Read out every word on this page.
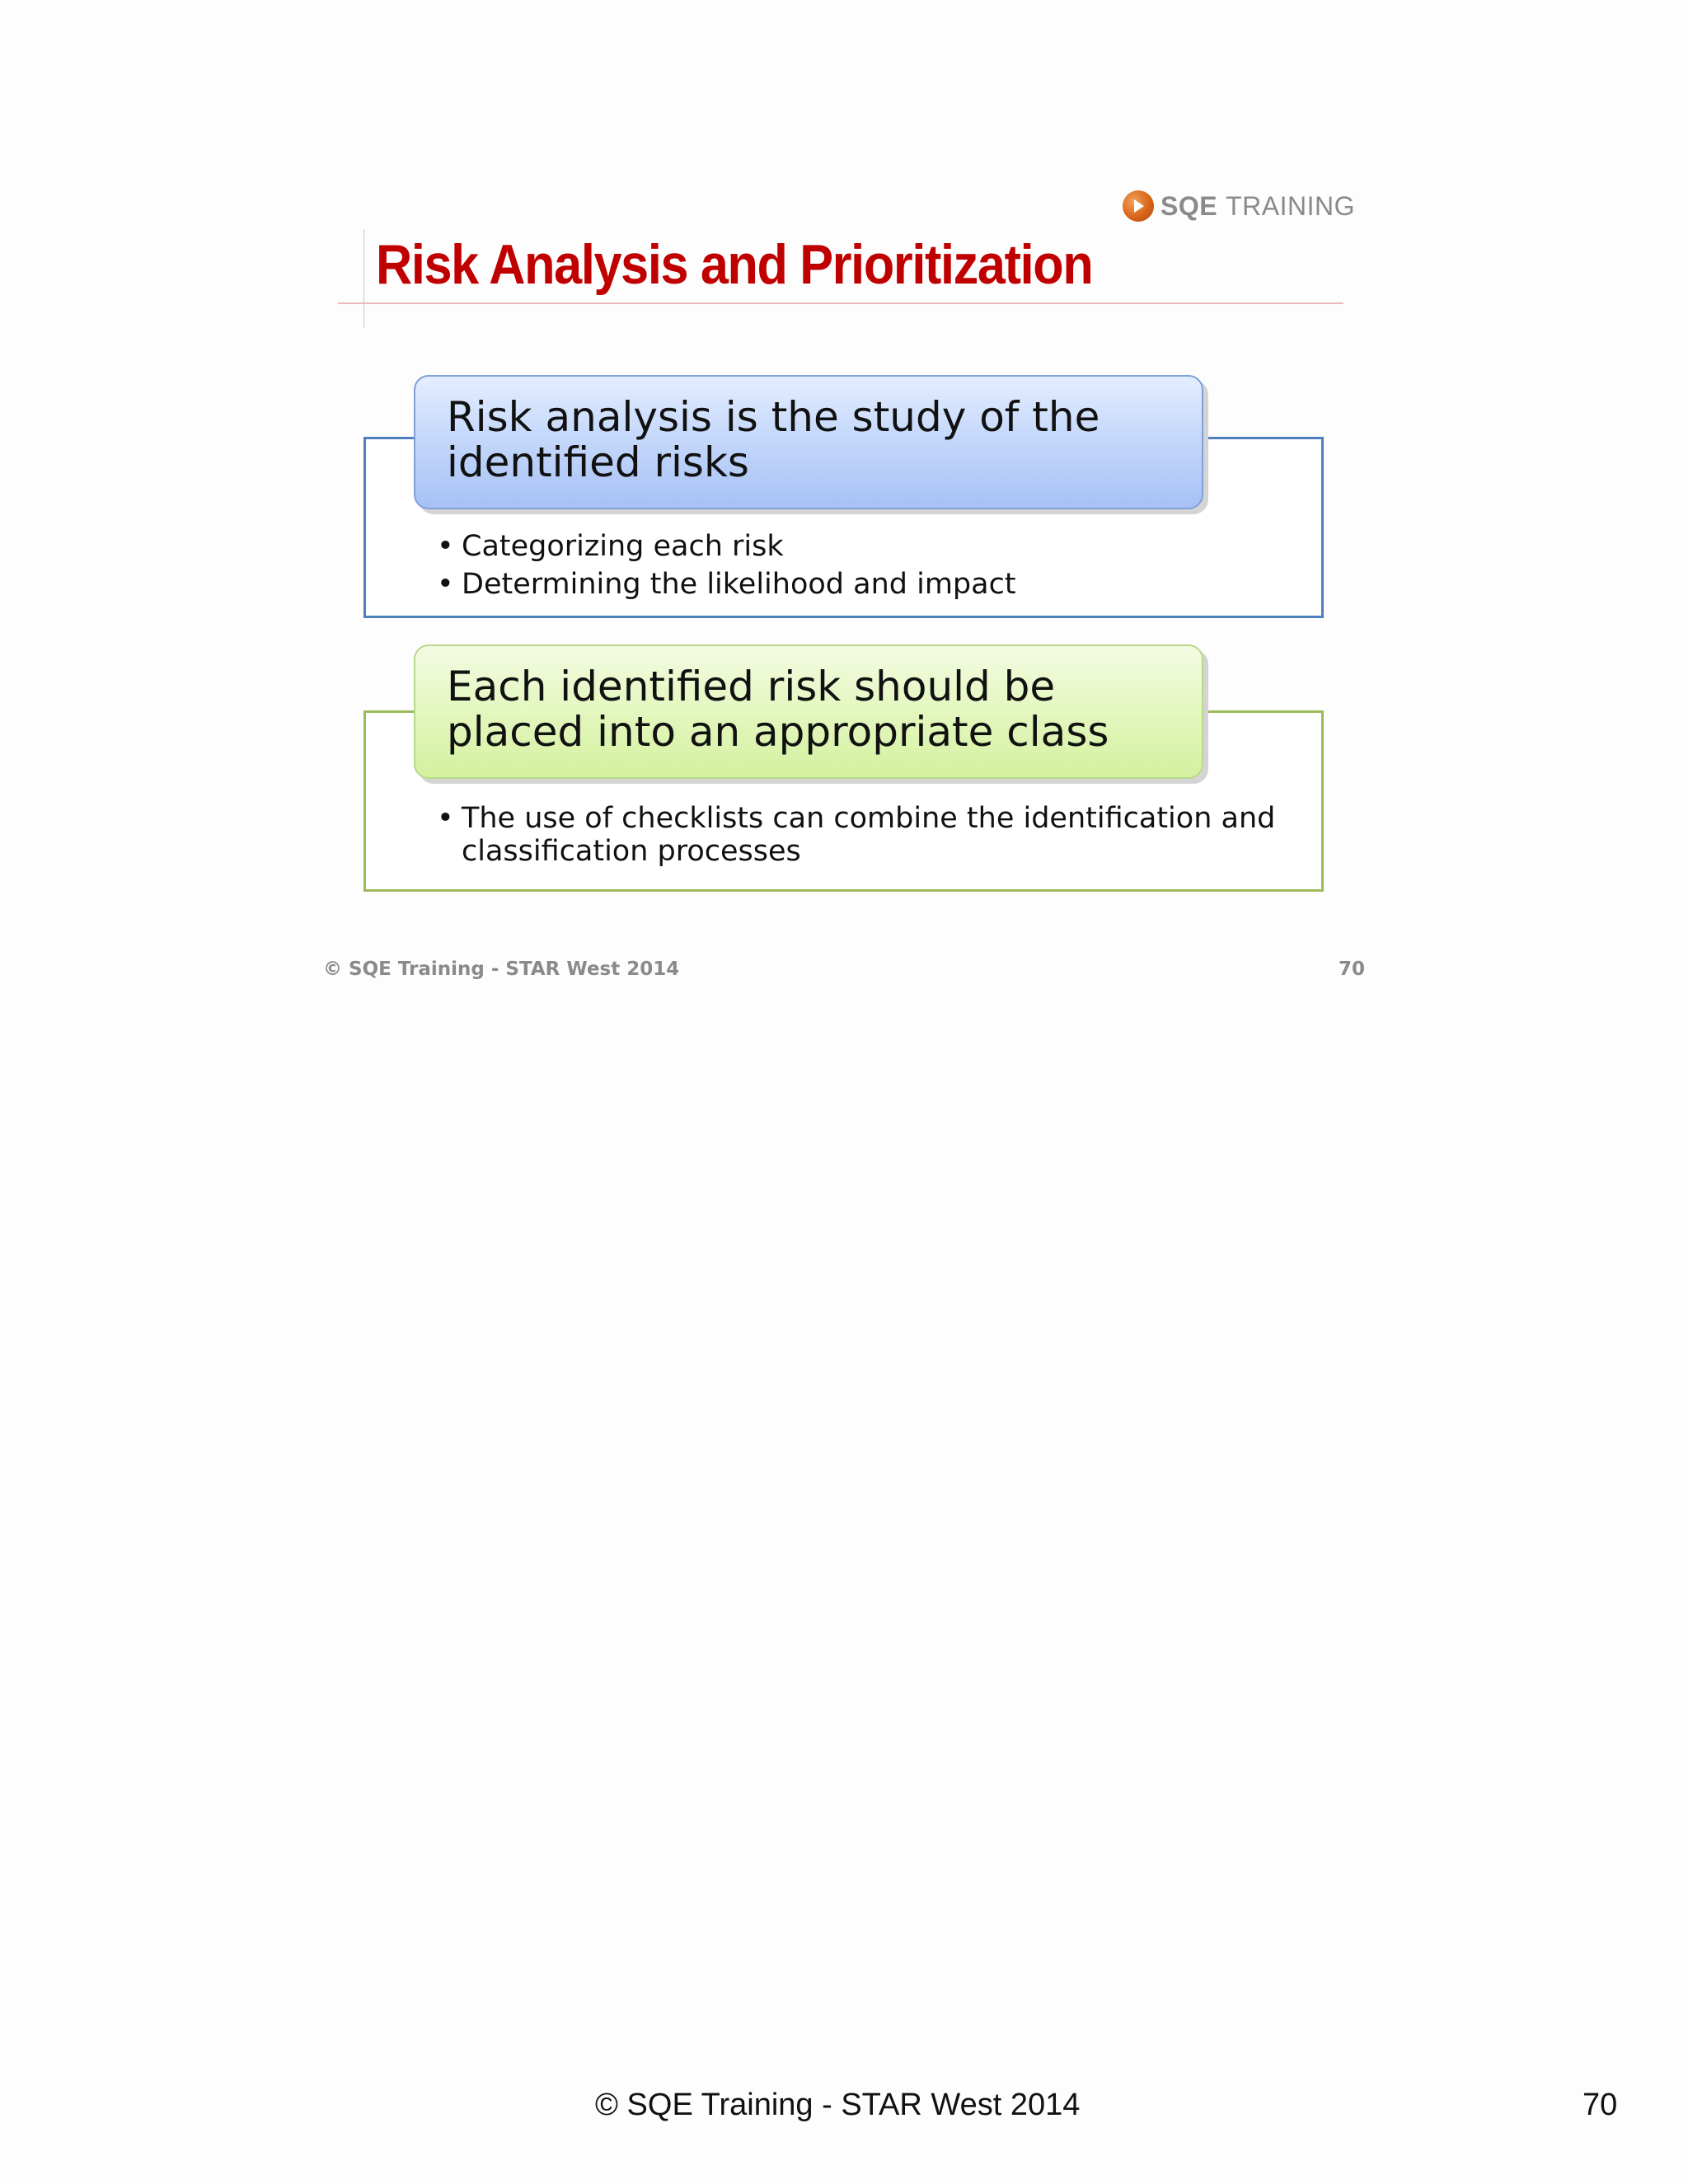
SQE TRAINING
Risk Analysis and Prioritization
Risk analysis is the study of the identified risks
• Categorizing each risk
• Determining the likelihood and impact
Each identified risk should be placed into an appropriate class
• The use of checklists can combine the identification and classification processes
© SQE Training - STAR West 2014	70
© SQE Training - STAR West 2014	70
